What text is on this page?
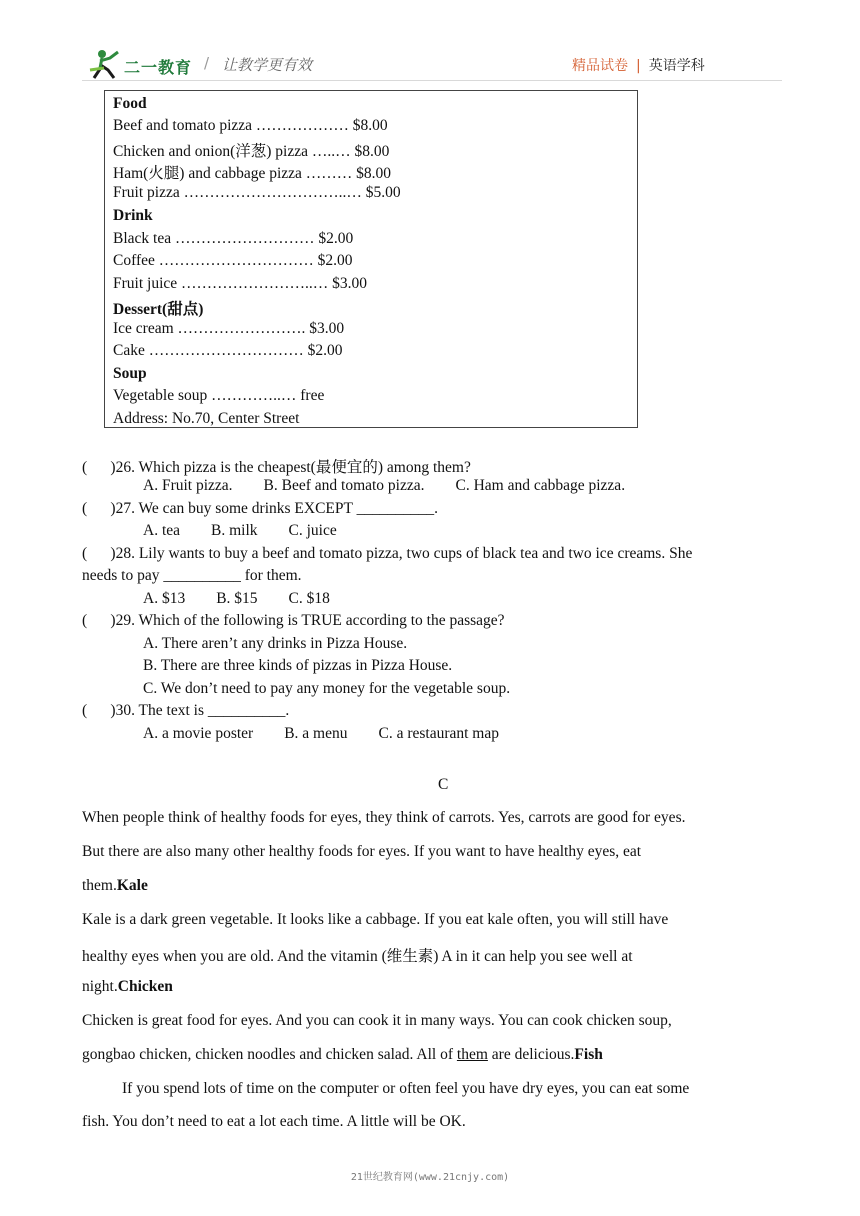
二一教育 / 让教学更有效	精品试卷 | 英语学科
Food
Beef and tomato pizza ……………… $8.00
Chicken and onion(洋葱) pizza …..… $8.00
Ham(火腿) and cabbage pizza ……… $8.00
Fruit pizza …………………………..… $5.00
Drink
Black tea ……………………… $2.00
Coffee ………………………… $2.00
Fruit juice ……………………..… $3.00
Dessert(甜点)
Ice cream ……………………. $3.00
Cake ………………………… $2.00
Soup
Vegetable soup …………..… free
Address: No.70, Center Street
(      )26. Which pizza is the cheapest(最便宜的) among them?
A. Fruit pizza.        B. Beef and tomato pizza.        C. Ham and cabbage pizza.
(      )27. We can buy some drinks EXCEPT __________.
A. tea        B. milk        C. juice
(      )28. Lily wants to buy a beef and tomato pizza, two cups of black tea and two ice creams. She
needs to pay __________ for them.
A. $13        B. $15        C. $18
(      )29. Which of the following is TRUE according to the passage?
A. There aren’t any drinks in Pizza House.
B. There are three kinds of pizzas in Pizza House.
C. We don’t need to pay any money for the vegetable soup.
(      )30. The text is __________.
A. a movie poster        B. a menu        C. a restaurant map
C
When people think of healthy foods for eyes, they think of carrots. Yes, carrots are good for eyes.
But there are also many other healthy foods for eyes. If you want to have healthy eyes, eat
them.Kale
Kale is a dark green vegetable. It looks like a cabbage. If you eat kale often, you will still have
healthy eyes when you are old. And the vitamin (维生素) A in it can help you see well at
night.Chicken
Chicken is great food for eyes. And you can cook it in many ways. You can cook chicken soup,
gongbao chicken, chicken noodles and chicken salad. All of them are delicious.Fish
If you spend lots of time on the computer or often feel you have dry eyes, you can eat some
fish. You don’t need to eat a lot each time. A little will be OK.
21世纪教育网(www.21cnjy.com)
